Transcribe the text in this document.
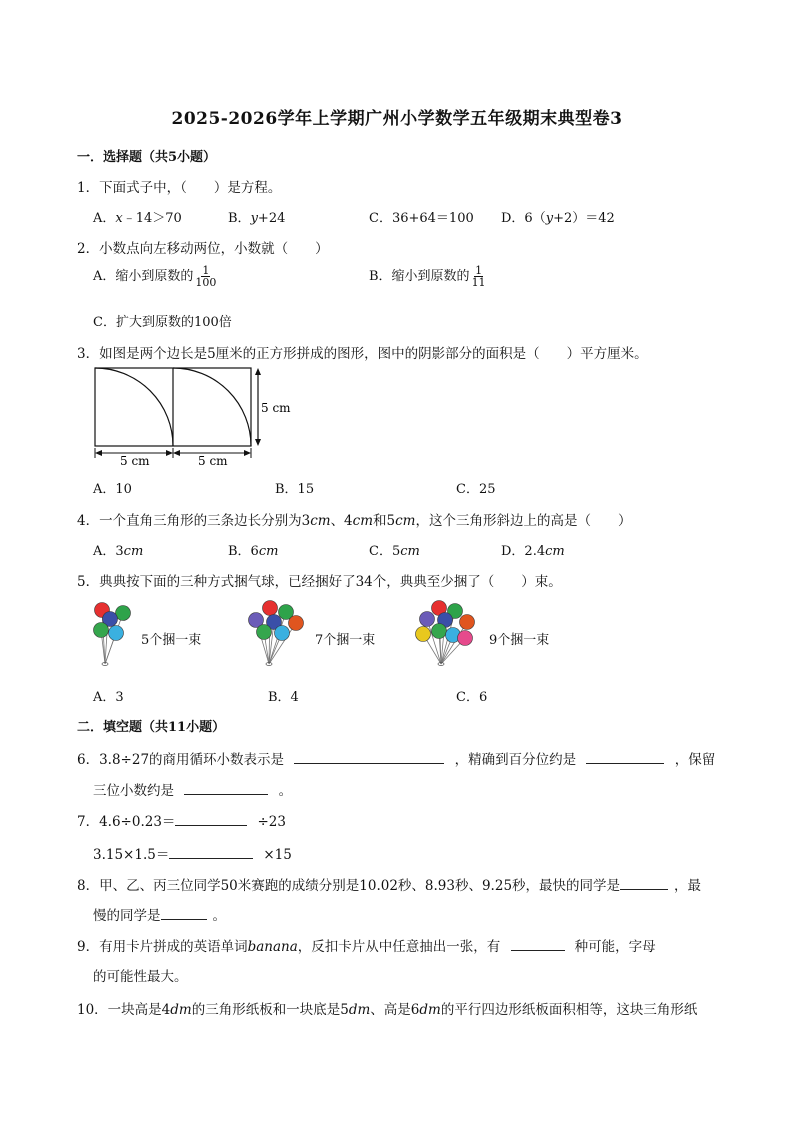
2025-2026学年上学期广州小学数学五年级期末典型卷3
一．选择题（共5小题）
1．下面式子中，（　　）是方程。
A．x﹣14＞70	B．y+24	C．36+64＝100 D．6（y+2）＝42
2．小数点向左移动两位，小数就（　　）
A．缩小到原数的 $\frac{1}{100}$	B．缩小到原数的 $\frac{1}{11}$
C．扩大到原数的100倍
3．如图是两个边长是5厘米的正方形拼成的图形，图中的阴影部分的面积是（　　）平方厘米。
5 cm
5 cm	5 cm
A．10	B．15	C．25
4．一个直角三角形的三条边长分别为3cm、4cm和5cm，这个三角形斜边上的高是（　　）
A．3cm	B．6cm	C．5cm	D．2.4cm
5．典典按下面的三种方式捆气球，已经捆好了34个，典典至少捆了（　　）束。
5个捆一束	7个捆一束	9个捆一束
A．3	B．4	C．6
二．填空题（共11小题）
6．3.8÷27的商用循环小数表示是	，精确到百分位约是	，保留
三位小数约是	。
7．4.6÷0.23＝	÷23
3.15×1.5＝	×15
8．甲、乙、丙三位同学50米赛跑的成绩分别是10.02秒、8.93秒、9.25秒，最快的同学是	，最
慢的同学是	。
9．有用卡片拼成的英语单词banana，反扣卡片从中任意抽出一张，有	种可能，字母
的可能性最大。
10．一块高是4dm的三角形纸板和一块底是5dm、高是6dm的平行四边形纸板面积相等，这块三角形纸
